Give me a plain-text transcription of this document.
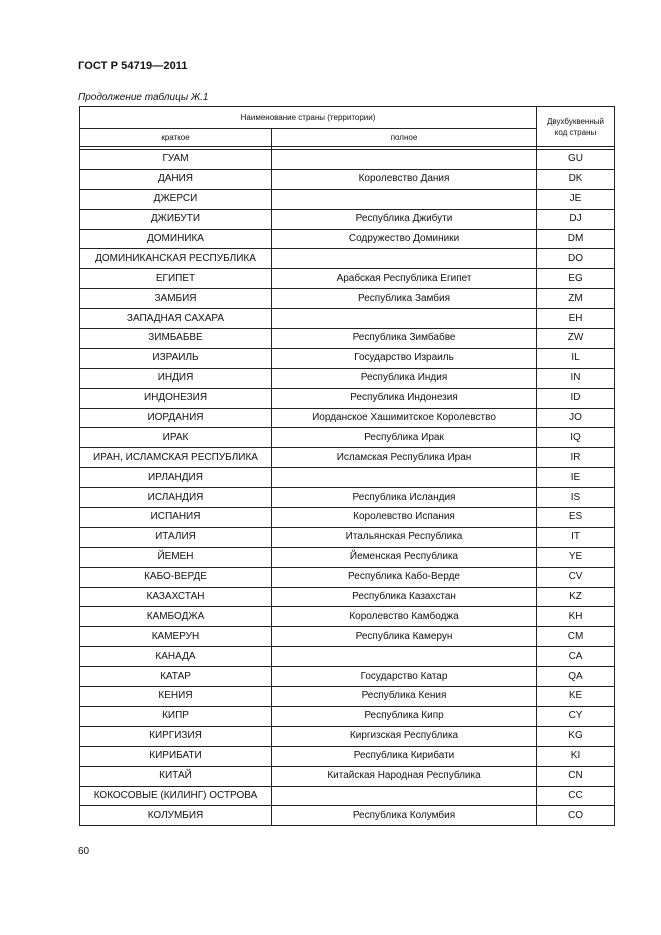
ГОСТ Р 54719—2011
Продолжение таблицы Ж.1
Наименование страны (территории)		Двухбуквенный код страны
краткое	полное	

ГУАМ		GU
ДАНИЯ	Королевство Дания	DK
ДЖЕРСИ		JE
ДЖИБУТИ	Республика Джибути	DJ
ДОМИНИКА	Содружество Доминики	DM
ДОМИНИКАНСКАЯ РЕСПУБЛИКА		DO
ЕГИПЕТ	Арабская Республика Египет	EG
ЗАМБИЯ	Республика Замбия	ZM
ЗАПАДНАЯ САХАРА		EH
ЗИМБАБВЕ	Республика Зимбабве	ZW
ИЗРАИЛЬ	Государство Израиль	IL
ИНДИЯ	Республика Индия	IN
ИНДОНЕЗИЯ	Республика Индонезия	ID
ИОРДАНИЯ	Иорданское Хашимитское Королевство	JO
ИРАК	Республика Ирак	IQ
ИРАН, ИСЛАМСКАЯ РЕСПУБЛИКА	Исламская Республика Иран	IR
ИРЛАНДИЯ		IE
ИСЛАНДИЯ	Республика Исландия	IS
ИСПАНИЯ	Королевство Испания	ES
ИТАЛИЯ	Итальянская Республика	IT
ЙЕМЕН	Йеменская Республика	YE
КАБО-ВЕРДЕ	Республика Кабо-Верде	CV
КАЗАХСТАН	Республика Казахстан	KZ
КАМБОДЖА	Королевство Камбоджа	KH
КАМЕРУН	Республика Камерун	CM
КАНАДА		CA
КАТАР	Государство Катар	QA
КЕНИЯ	Республика Кения	KE
КИПР	Республика Кипр	CY
КИРГИЗИЯ	Киргизская Республика	KG
КИРИБАТИ	Республика Кирибати	KI
КИТАЙ	Китайская Народная Республика	CN
КОКОСОВЫЕ (КИЛИНГ) ОСТРОВА		CC
КОЛУМБИЯ	Республика Колумбия	CO
60
